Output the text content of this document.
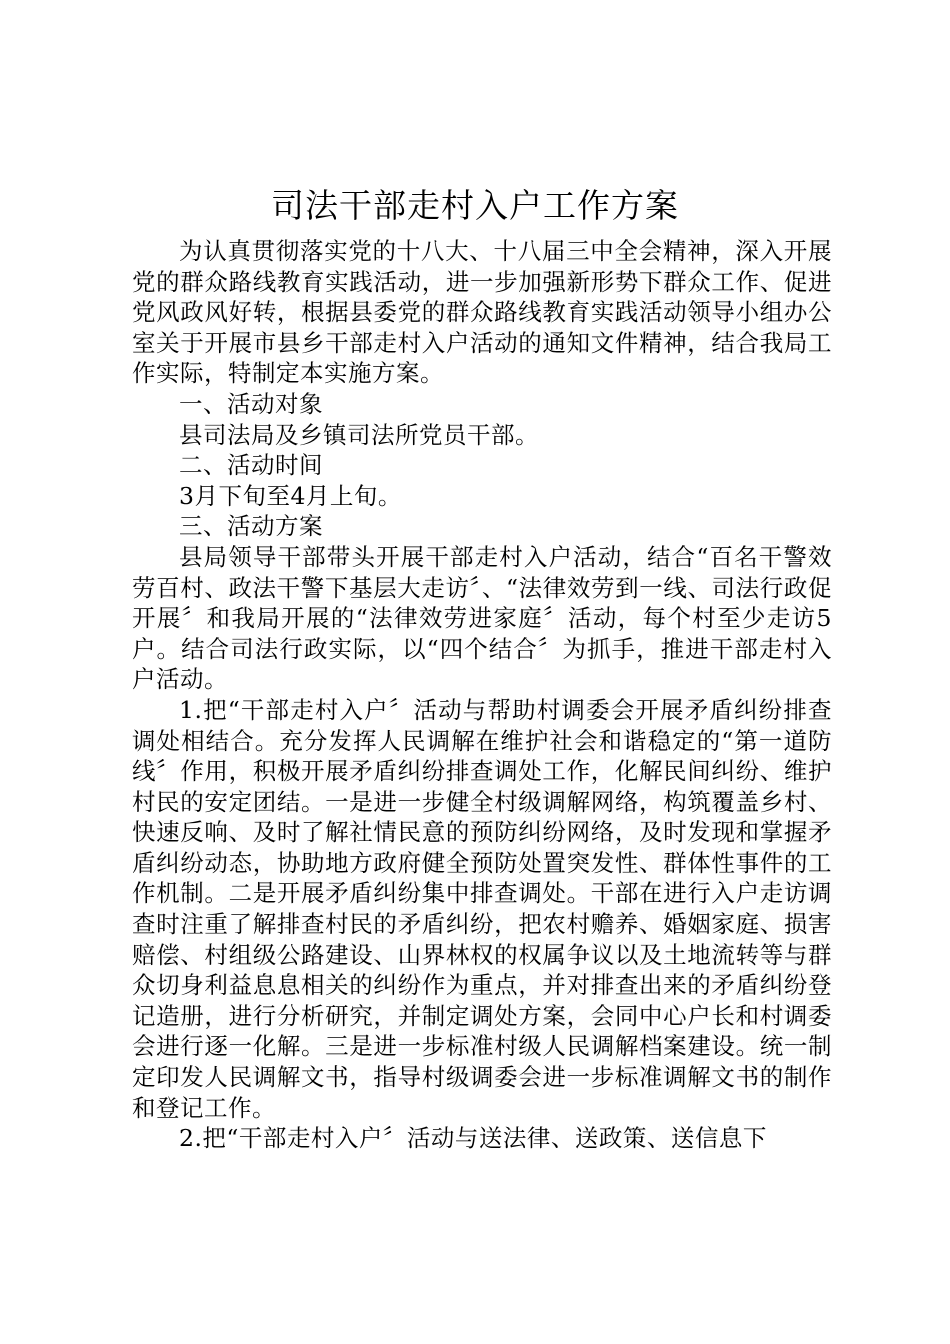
司法干部走村入户工作方案

为认真贯彻落实党的十八大、十八届三中全会精神，深入开展党的群众路线教育实践活动，进一步加强新形势下群众工作、促进党风政风好转，根据县委党的群众路线教育实践活动领导小组办公室关于开展市县乡干部走村入户活动的通知文件精神，结合我局工作实际，特制定本实施方案。

一、活动对象

县司法局及乡镇司法所党员干部。

二、活动时间

3月下旬至4月上旬。

三、活动方案

县局领导干部带头开展干部走村入户活动，结合“百名干警效劳百村、政法干警下基层大走访〞、“法律效劳到一线、司法行政促开展〞和我局开展的“法律效劳进家庭〞活动，每个村至少走访5户。结合司法行政实际，以“四个结合〞为抓手，推进干部走村入户活动。

1.把“干部走村入户〞活动与帮助村调委会开展矛盾纠纷排查调处相结合。充分发挥人民调解在维护社会和谐稳定的“第一道防线〞作用，积极开展矛盾纠纷排查调处工作，化解民间纠纷、维护村民的安定团结。一是进一步健全村级调解网络，构筑覆盖乡村、快速反响、及时了解社情民意的预防纠纷网络，及时发现和掌握矛盾纠纷动态，协助地方政府健全预防处置突发性、群体性事件的工作机制。二是开展矛盾纠纷集中排查调处。干部在进行入户走访调查时注重了解排查村民的矛盾纠纷，把农村赡养、婚姻家庭、损害赔偿、村组级公路建设、山界林权的权属争议以及土地流转等与群众切身利益息息相关的纠纷作为重点，并对排查出来的矛盾纠纷登记造册，进行分析研究，并制定调处方案，会同中心户长和村调委会进行逐一化解。三是进一步标准村级人民调解档案建设。统一制定印发人民调解文书，指导村级调委会进一步标准调解文书的制作和登记工作。

2.把“干部走村入户〞活动与送法律、送政策、送信息下
